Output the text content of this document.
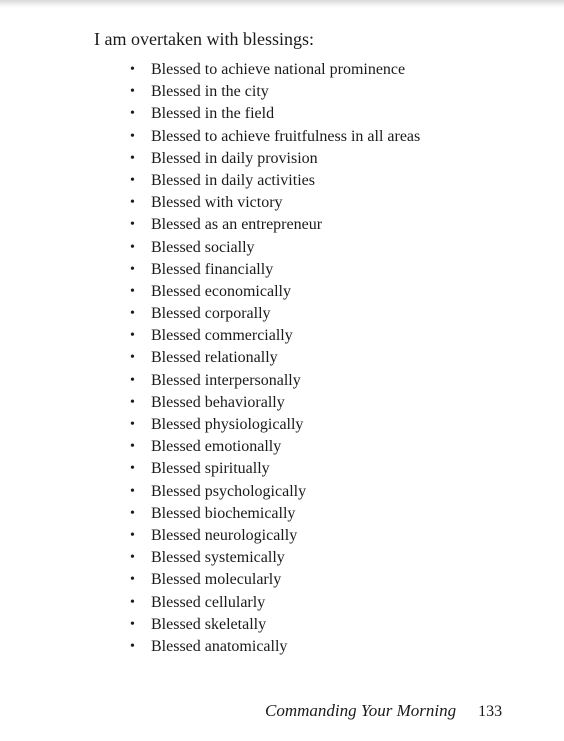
I am overtaken with blessings:

• Blessed to achieve national prominence
• Blessed in the city
• Blessed in the field
• Blessed to achieve fruitfulness in all areas
• Blessed in daily provision
• Blessed in daily activities
• Blessed with victory
• Blessed as an entrepreneur
• Blessed socially
• Blessed financially
• Blessed economically
• Blessed corporally
• Blessed commercially
• Blessed relationally
• Blessed interpersonally
• Blessed behaviorally
• Blessed physiologically
• Blessed emotionally
• Blessed spiritually
• Blessed psychologically
• Blessed biochemically
• Blessed neurologically
• Blessed systemically
• Blessed molecularly
• Blessed cellularly
• Blessed skeletally
• Blessed anatomically
Commanding Your Morning 133
